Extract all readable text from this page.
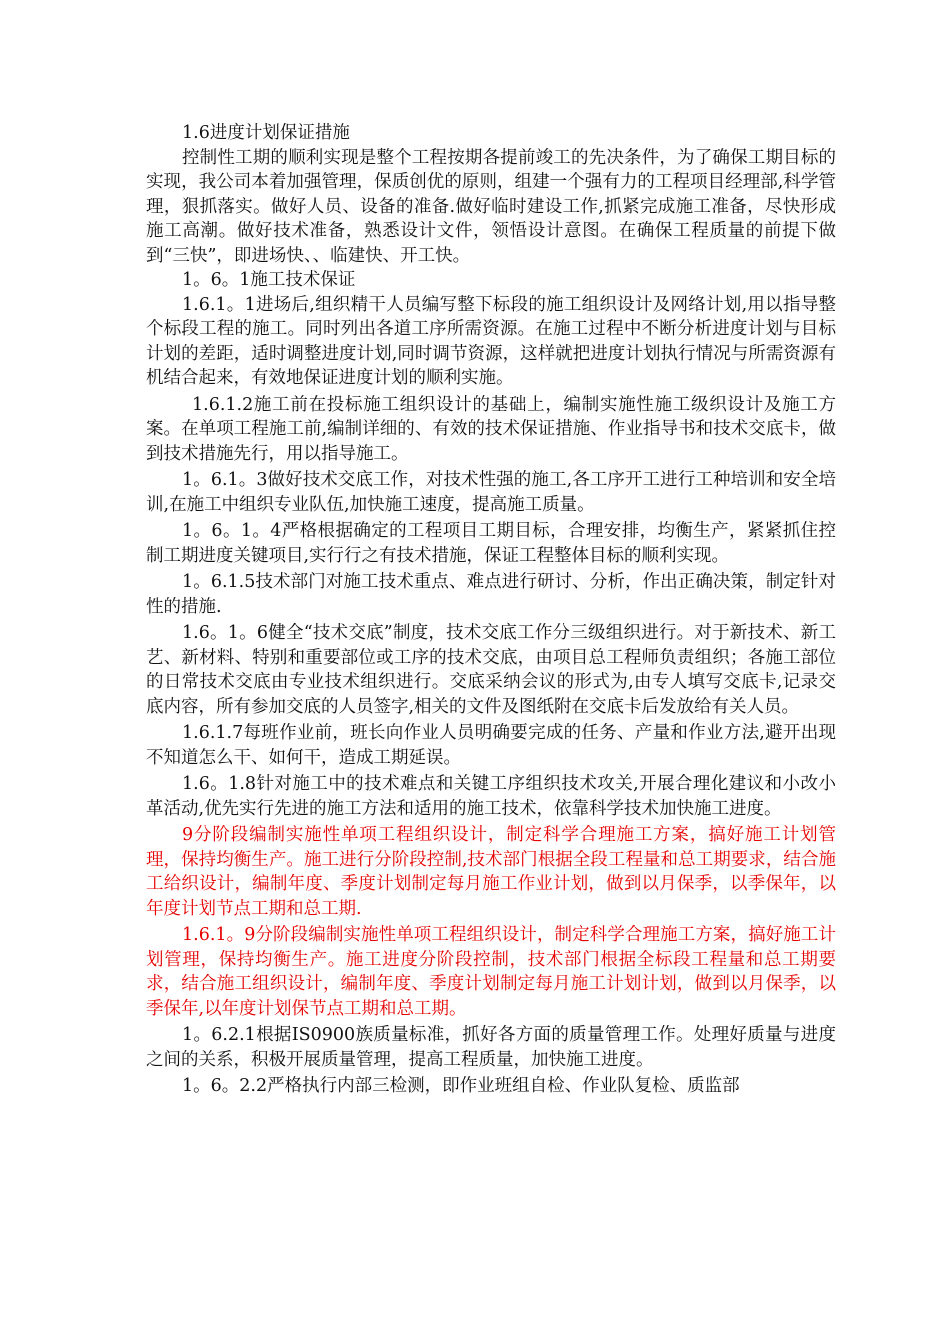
1.6进度计划保证措施

控制性工期的顺利实现是整个工程按期各提前竣工的先决条件，为了确保工期目标的实现，我公司本着加强管理，保质创优的原则，组建一个强有力的工程项目经理部,科学管理，狠抓落实。做好人员、设备的准备.做好临时建设工作,抓紧完成施工准备，尽快形成施工高潮。做好技术准备，熟悉设计文件，领悟设计意图。在确保工程质量的前提下做到“三快”，即进场快、、临建快、开工快。

1。6。1施工技术保证

1.6.1。1进场后,组织精干人员编写整下标段的施工组织设计及网络计划,用以指导整个标段工程的施工。同时列出各道工序所需资源。在施工过程中不断分析进度计划与目标计划的差距，适时调整进度计划,同时调节资源，这样就把进度计划执行情况与所需资源有机结合起来，有效地保证进度计划的顺利实施。

1.6.1.2施工前在投标施工组织设计的基础上，编制实施性施工级织设计及施工方案。在单项工程施工前,编制详细的、有效的技术保证措施、作业指导书和技术交底卡，做到技术措施先行，用以指导施工。

1。6.1。3做好技术交底工作，对技术性强的施工,各工序开工进行工种培训和安全培训,在施工中组织专业队伍,加快施工速度，提高施工质量。

1。6。1。4严格根据确定的工程项目工期目标，合理安排，均衡生产，紧紧抓住控制工期进度关键项目,实行行之有技术措施，保证工程整体目标的顺利实现。

1。6.1.5技术部门对施工技术重点、难点进行研讨、分析，作出正确决策，制定针对性的措施.

1.6。1。6健全“技术交底”制度，技术交底工作分三级组织进行。对于新技术、新工艺、新材料、特别和重要部位或工序的技术交底，由项目总工程师负责组织；各施工部位的日常技术交底由专业技术组织进行。交底采纳会议的形式为,由专人填写交底卡,记录交底内容，所有参加交底的人员签字,相关的文件及图纸附在交底卡后发放给有关人员。

1.6.1.7每班作业前，班长向作业人员明确要完成的任务、产量和作业方法,避开出现不知道怎么干、如何干，造成工期延误。

1.6。1.8针对施工中的技术难点和关键工序组织技术攻关,开展合理化建议和小改小革活动,优先实行先进的施工方法和适用的施工技术，依靠科学技术加快施工进度。

9分阶段编制实施性单项工程组织设计，制定科学合理施工方案，搞好施工计划管理，保持均衡生产。施工进行分阶段控制,技术部门根据全段工程量和总工期要求，结合施工给织设计，编制年度、季度计划制定每月施工作业计划，做到以月保季，以季保年，以年度计划节点工期和总工期.

1.6.1。9分阶段编制实施性单项工程组织设计，制定科学合理施工方案，搞好施工计划管理，保持均衡生产。施工进度分阶段控制，技术部门根据全标段工程量和总工期要求，结合施工组织设计，编制年度、季度计划制定每月施工计划计划，做到以月保季，以季保年,以年度计划保节点工期和总工期。

1。6.2.1根据IS0900族质量标准，抓好各方面的质量管理工作。处理好质量与进度之间的关系，积极开展质量管理，提高工程质量，加快施工进度。

1。6。2.2严格执行内部三检测，即作业班组自检、作业队复检、质监部
